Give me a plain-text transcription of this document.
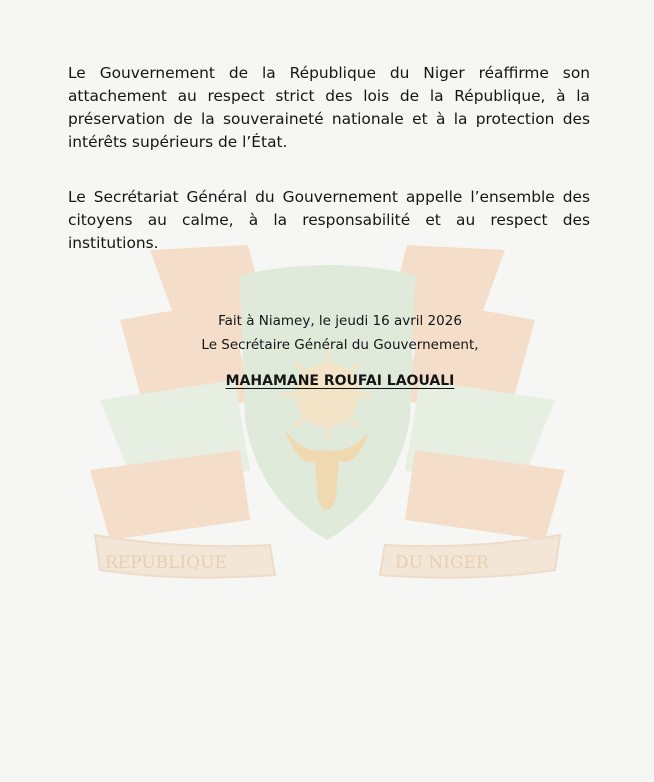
REPUBLIQUE	DU NIGER

Le Gouvernement de la République du Niger réaffirme son attachement au respect strict des lois de la République, à la préservation de la souveraineté nationale et à la protection des intérêts supérieurs de l’État.

Le Secrétariat Général du Gouvernement appelle l’ensemble des citoyens au calme, à la responsabilité et au respect des institutions.

Fait à Niamey, le jeudi 16 avril 2026

Le Secrétaire Général du Gouvernement,

MAHAMANE ROUFAI LAOUALI
